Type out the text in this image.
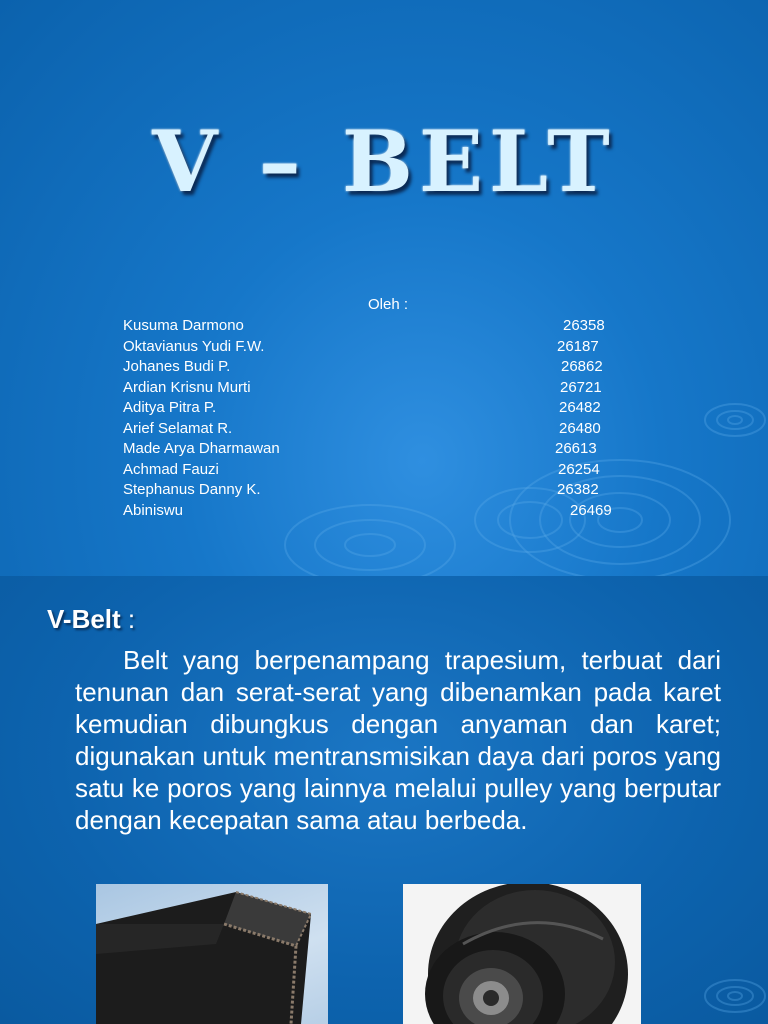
V – BELT
Oleh :
Kusuma Darmono	26358
Oktavianus Yudi F.W.	26187
Johanes Budi P.	26862
Ardian Krisnu Murti	26721
Aditya Pitra P.	26482
Arief Selamat R.	26480
Made Arya Dharmawan	26613
Achmad Fauzi	26254
Stephanus Danny K.	26382
Abiniswu	26469
V-Belt :
Belt yang berpenampang trapesium, terbuat dari tenunan dan serat-serat yang dibenamkan pada karet kemudian dibungkus dengan anyaman dan karet; digunakan untuk mentransmisikan daya dari poros yang satu ke poros yang lainnya melalui pulley yang berputar dengan kecepatan sama atau berbeda.
